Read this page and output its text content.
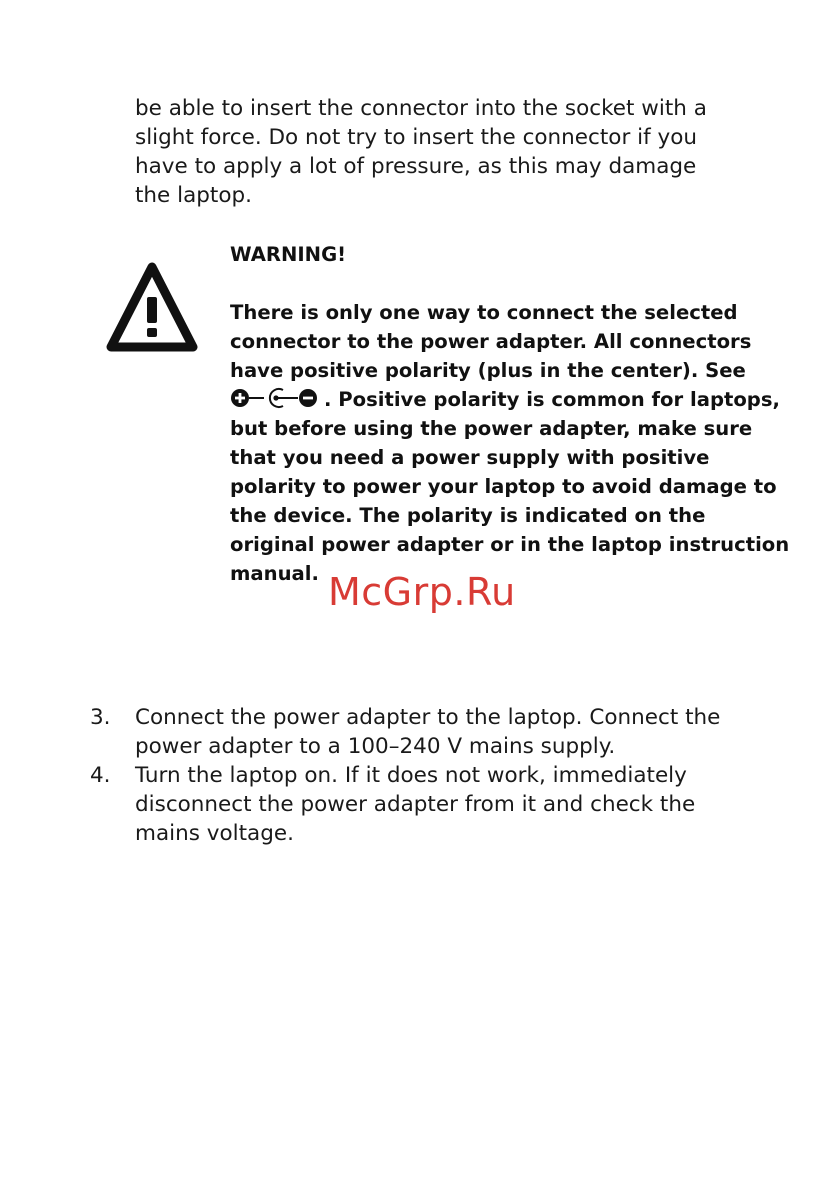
be able to insert the connector into the socket with a slight force. Do not try to insert the connector if you have to apply a lot of pressure, as this may damage the laptop.

WARNING!

There is only one way to connect the selected connector to the power adapter. All connectors have positive polarity (plus in the center). See . Positive polarity is common for laptops, but before using the power adapter, make sure that you need a power supply with positive polarity to power your laptop to avoid damage to the device. The polarity is indicated on the original power adapter or in the laptop instruction manual.

3. Connect the power adapter to the laptop. Connect the power adapter to a 100–240 V mains supply.
4. Turn the laptop on. If it does not work, immediately disconnect the power adapter from it and check the mains voltage.
McGrp.Ru
